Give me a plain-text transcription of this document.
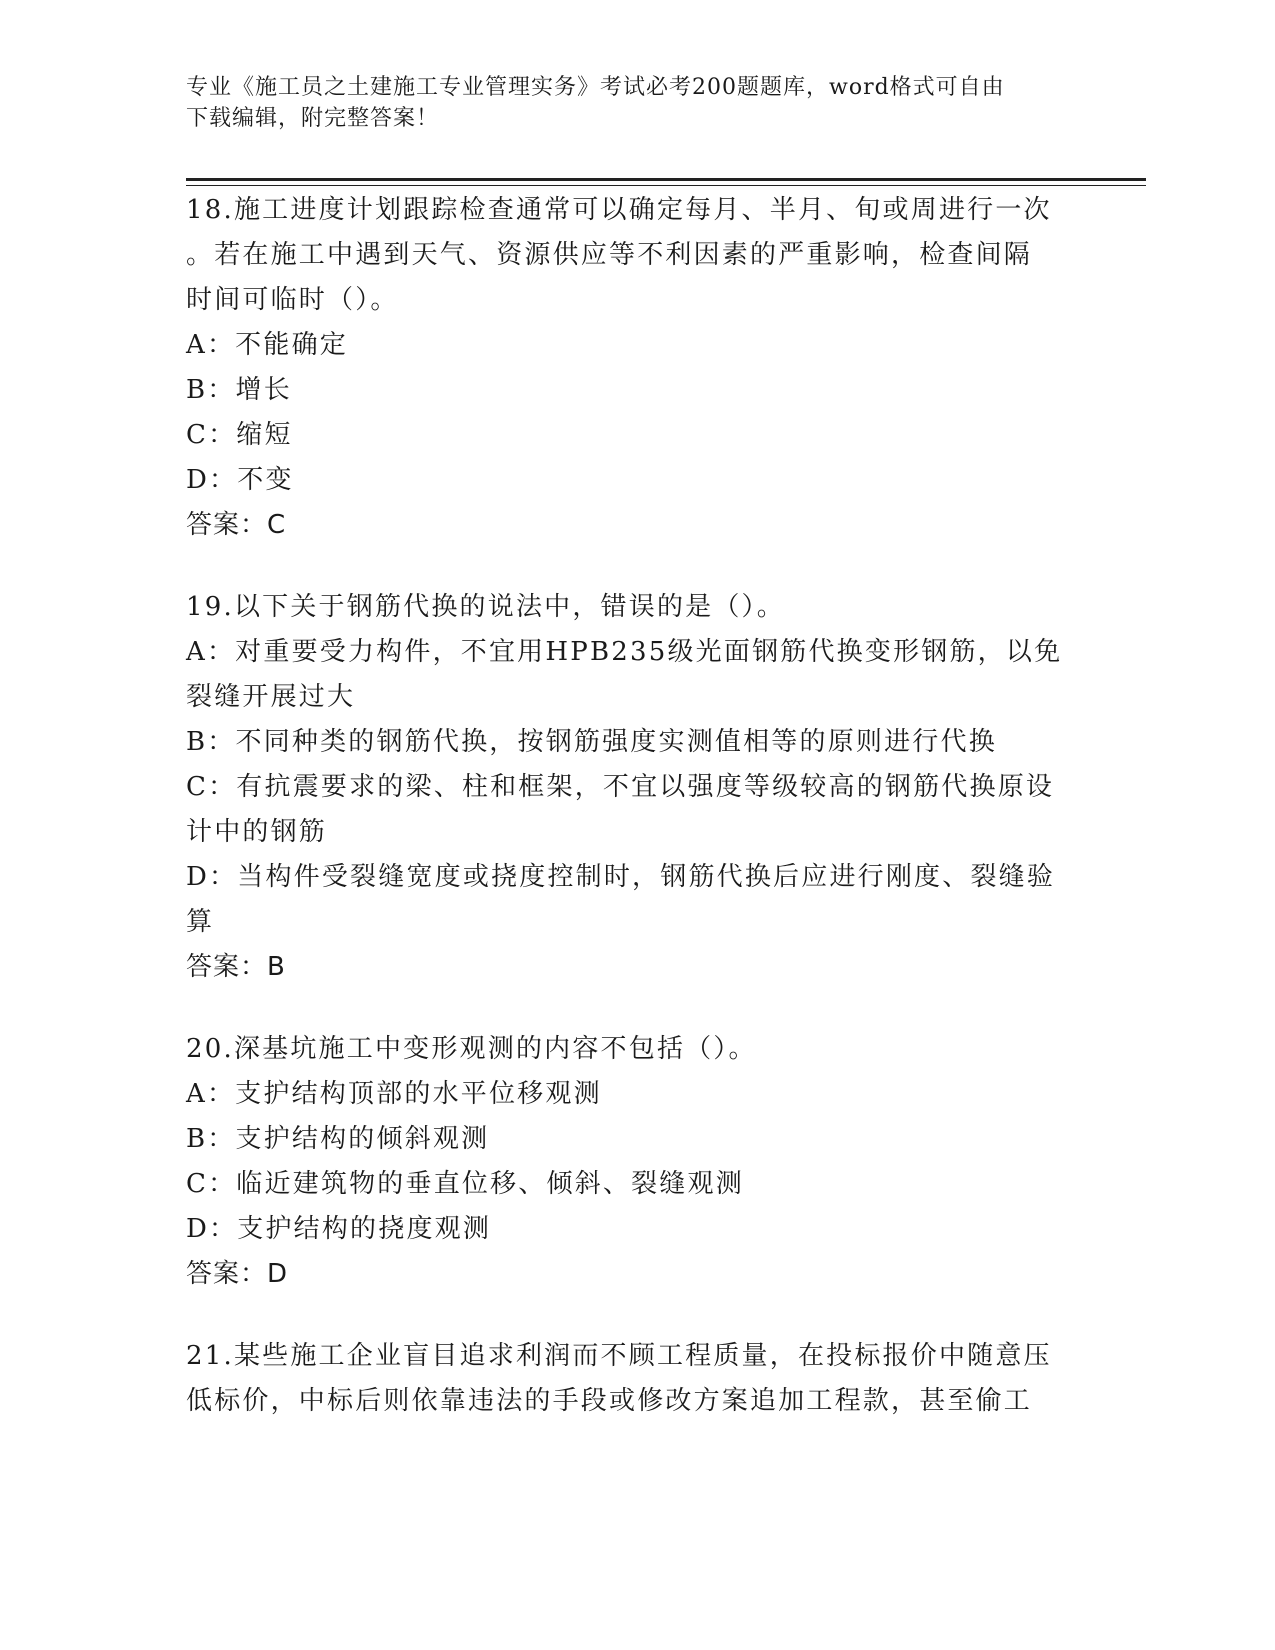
专业《施工员之土建施工专业管理实务》考试必考200题题库，word格式可自由
下载编辑，附完整答案！
18.施工进度计划跟踪检查通常可以确定每月、半月、旬或周进行一次
。若在施工中遇到天气、资源供应等不利因素的严重影响，检查间隔
时间可临时（）。
A：不能确定
B：增长
C：缩短
D：不变
答案：C
19.以下关于钢筋代换的说法中，错误的是（）。
A：对重要受力构件，不宜用HPB235级光面钢筋代换变形钢筋，以免
裂缝开展过大
B：不同种类的钢筋代换，按钢筋强度实测值相等的原则进行代换
C：有抗震要求的梁、柱和框架，不宜以强度等级较高的钢筋代换原设
计中的钢筋
D：当构件受裂缝宽度或挠度控制时，钢筋代换后应进行刚度、裂缝验
算
答案：B
20.深基坑施工中变形观测的内容不包括（）。
A：支护结构顶部的水平位移观测
B：支护结构的倾斜观测
C：临近建筑物的垂直位移、倾斜、裂缝观测
D：支护结构的挠度观测
答案：D
21.某些施工企业盲目追求利润而不顾工程质量，在投标报价中随意压
低标价，中标后则依靠违法的手段或修改方案追加工程款，甚至偷工
